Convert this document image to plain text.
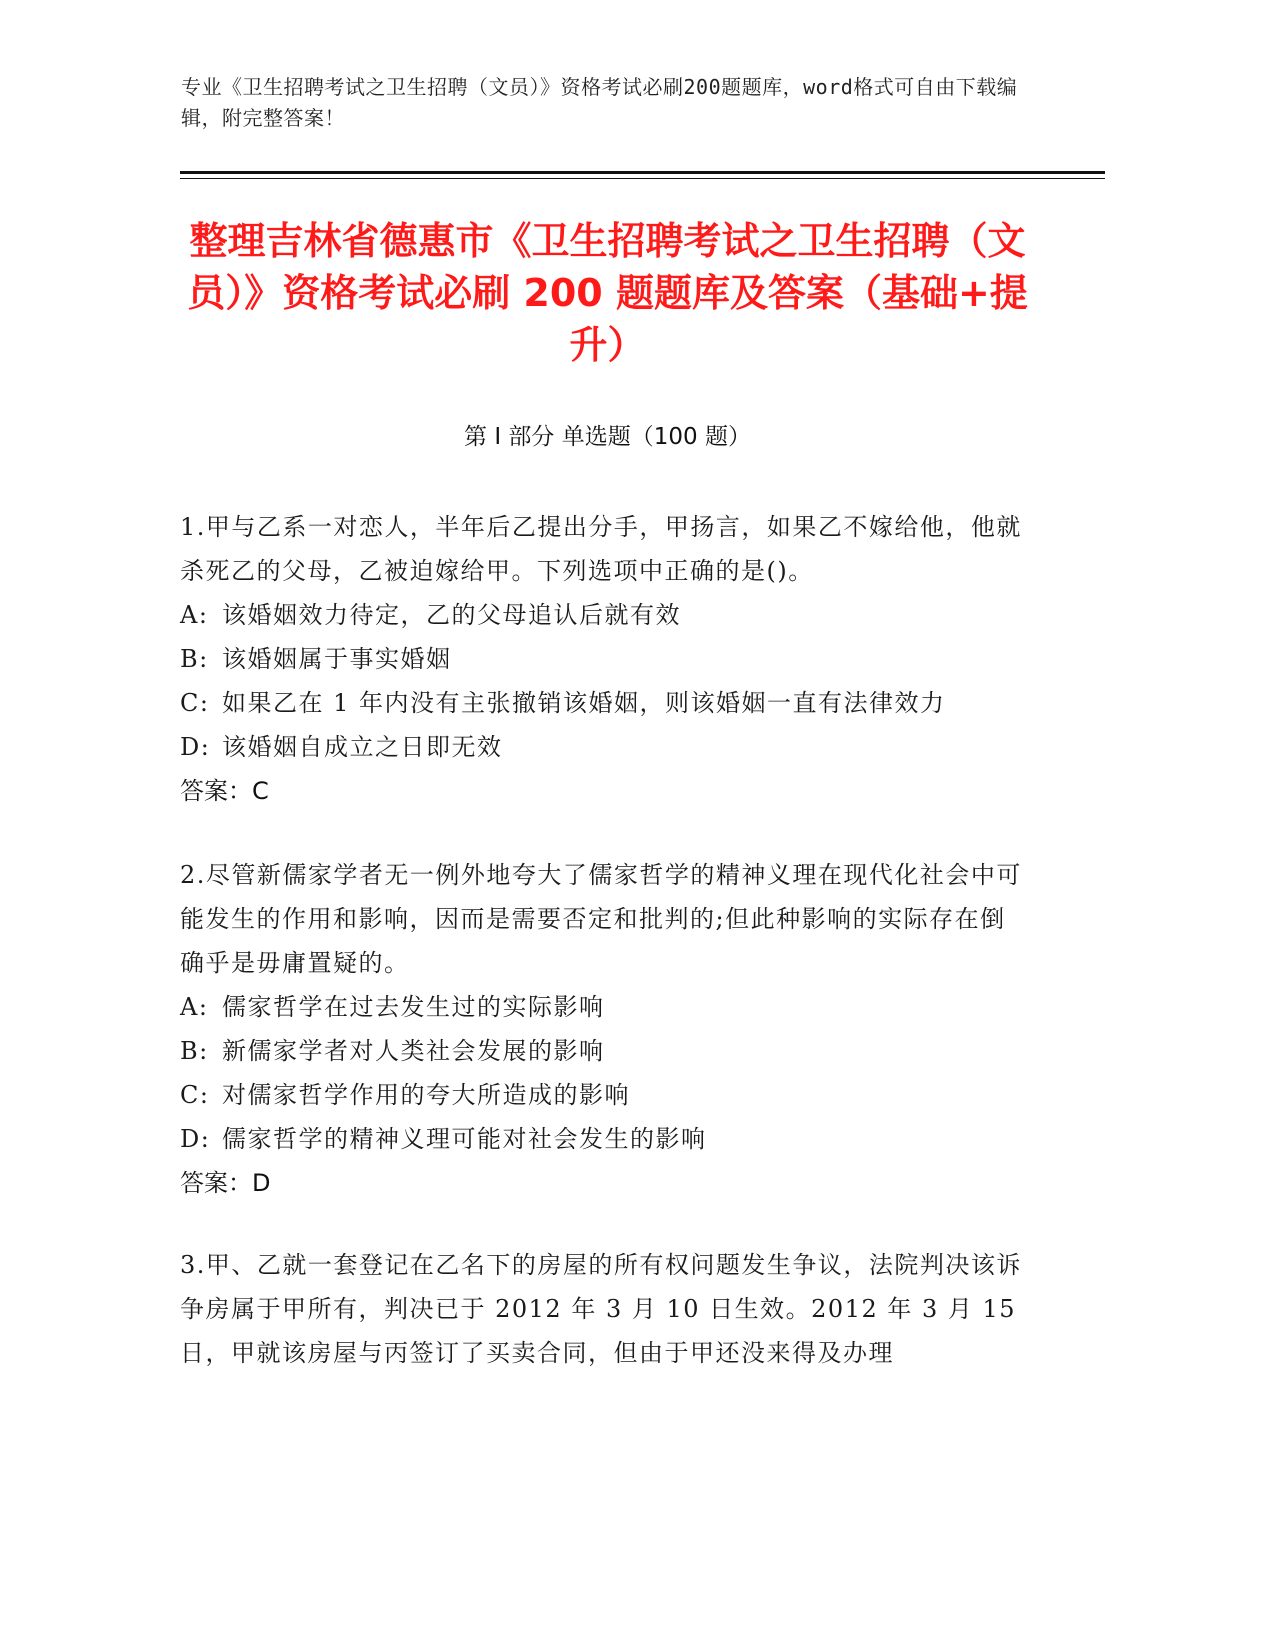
专业《卫生招聘考试之卫生招聘（文员）》资格考试必刷200题题库，word格式可自由下载编辑，附完整答案！
整理吉林省德惠市《卫生招聘考试之卫生招聘（文员）》资格考试必刷 200 题题库及答案（基础+提升）
第 I 部分 单选题（100 题）

1.甲与乙系一对恋人，半年后乙提出分手，甲扬言，如果乙不嫁给他，他就杀死乙的父母，乙被迫嫁给甲。下列选项中正确的是()。

A: 该婚姻效力待定，乙的父母追认后就有效

B: 该婚姻属于事实婚姻

C: 如果乙在 1 年内没有主张撤销该婚姻，则该婚姻一直有法律效力

D: 该婚姻自成立之日即无效

答案：C

2.尽管新儒家学者无一例外地夸大了儒家哲学的精神义理在现代化社会中可能发生的作用和影响，因而是需要否定和批判的;但此种影响的实际存在倒确乎是毋庸置疑的。

A: 儒家哲学在过去发生过的实际影响

B: 新儒家学者对人类社会发展的影响

C: 对儒家哲学作用的夸大所造成的影响

D: 儒家哲学的精神义理可能对社会发生的影响

答案：D

3.甲、乙就一套登记在乙名下的房屋的所有权问题发生争议，法院判决该诉争房属于甲所有，判决已于 2012 年 3 月 10 日生效。2012 年 3 月 15 日，甲就该房屋与丙签订了买卖合同，但由于甲还没来得及办理
